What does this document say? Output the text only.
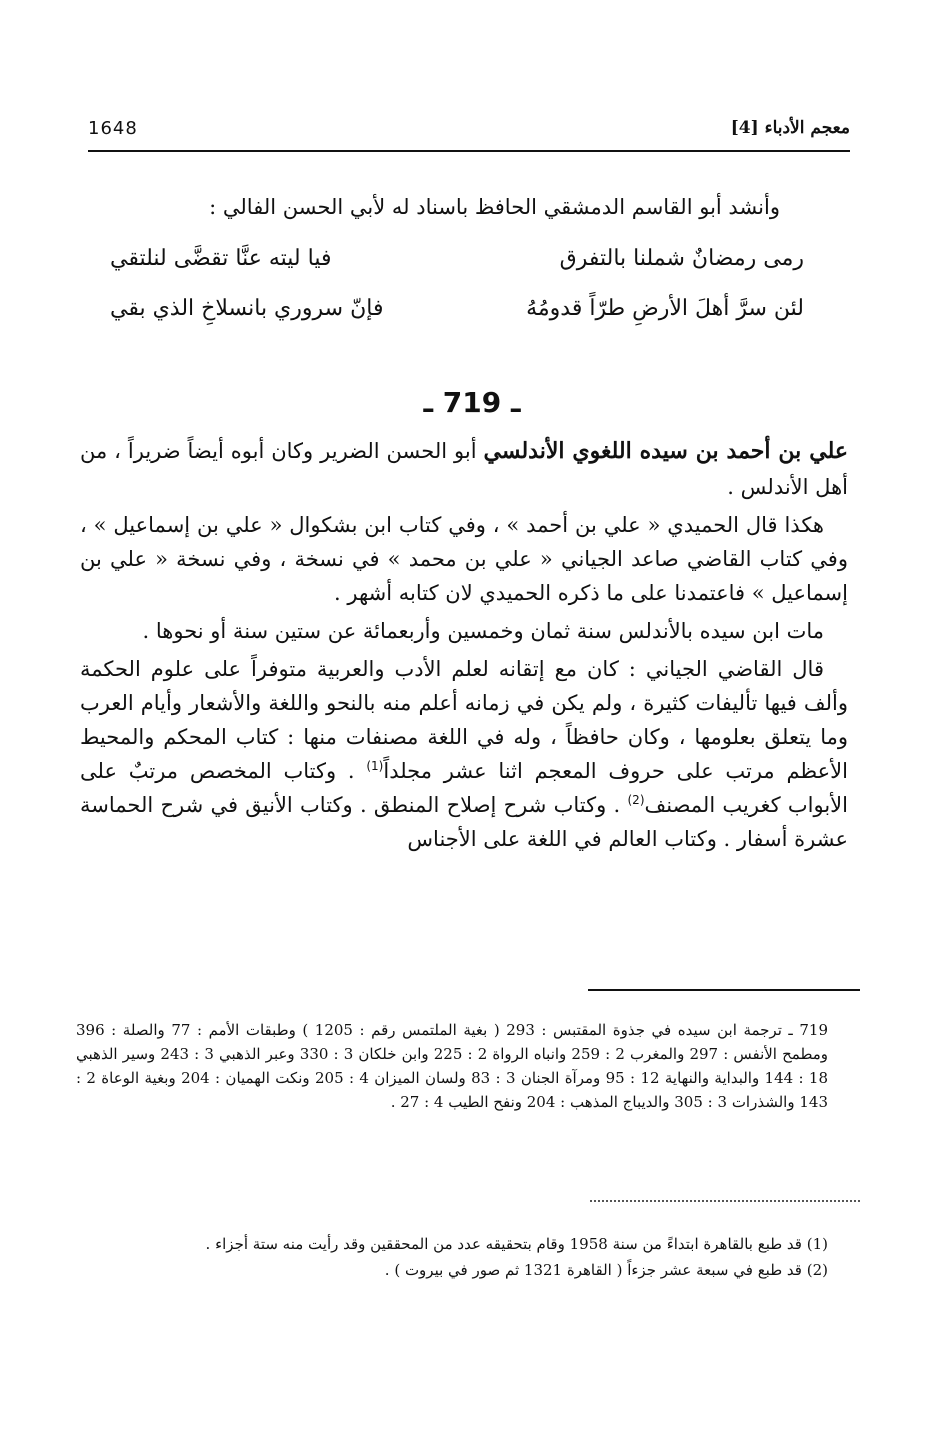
1648	معجم الأدباء [4]
وأنشد أبو القاسم الدمشقي الحافظ باسناد له لأبي الحسن الفالي :
رمى رمضانٌ شملنا بالتفرق
فيا ليته عنَّا تقضَّى لنلتقي
لئن سرَّ أهلَ الأرضِ طرّاً قدومُهُ
فإنّ سروري بانسلاخِ الذي بقي
ـ 719 ـ

علي بن أحمد بن سيده اللغوي الأندلسي أبو الحسن الضرير وكان أبوه أيضاً ضريراً ، من أهل الأندلس .

هكذا قال الحميدي « علي بن أحمد » ، وفي كتاب ابن بشكوال « علي بن إسماعيل » ، وفي كتاب القاضي صاعد الجياني « علي بن محمد » في نسخة ، وفي نسخة « علي بن إسماعيل » فاعتمدنا على ما ذكره الحميدي لان كتابه أشهر .

مات ابن سيده بالأندلس سنة ثمان وخمسين وأربعمائة عن ستين سنة أو نحوها .

قال القاضي الجياني : كان مع إتقانه لعلم الأدب والعربية متوفراً على علوم الحكمة وألف فيها تأليفات كثيرة ، ولم يكن في زمانه أعلم منه بالنحو واللغة والأشعار وأيام العرب وما يتعلق بعلومها ، وكان حافظاً ، وله في اللغة مصنفات منها : كتاب المحكم والمحيط الأعظم مرتب على حروف المعجم اثنا عشر مجلداً$^{(1)}$ . وكتاب المخصص مرتبٌ على الأبواب كغريب المصنف$^{(2)}$ . وكتاب شرح إصلاح المنطق . وكتاب الأنيق في شرح الحماسة عشرة أسفار . وكتاب العالم في اللغة على الأجناس

719 ـ ترجمة ابن سيده في جذوة المقتبس : 293 ( بغية الملتمس رقم : 1205 ) وطبقات الأمم : 77 والصلة : 396 ومطمح الأنفس : 297 والمغرب 2 : 259 وانباه الرواة 2 : 225 وابن خلكان 3 : 330 وعبر الذهبي 3 : 243 وسير الذهبي 18 : 144 والبداية والنهاية 12 : 95 ومرآة الجنان 3 : 83 ولسان الميزان 4 : 205 ونكت الهميان : 204 وبغية الوعاة 2 : 143 والشذرات 3 : 305 والديباج المذهب : 204 ونفح الطيب 4 : 27 .
(1) قد طبع بالقاهرة ابتداءً من سنة 1958 وقام بتحقيقه عدد من المحققين وقد رأيت منه ستة أجزاء .
(2) قد طبع في سبعة عشر جزءاً ( القاهرة 1321 ثم صور في بيروت ) .
